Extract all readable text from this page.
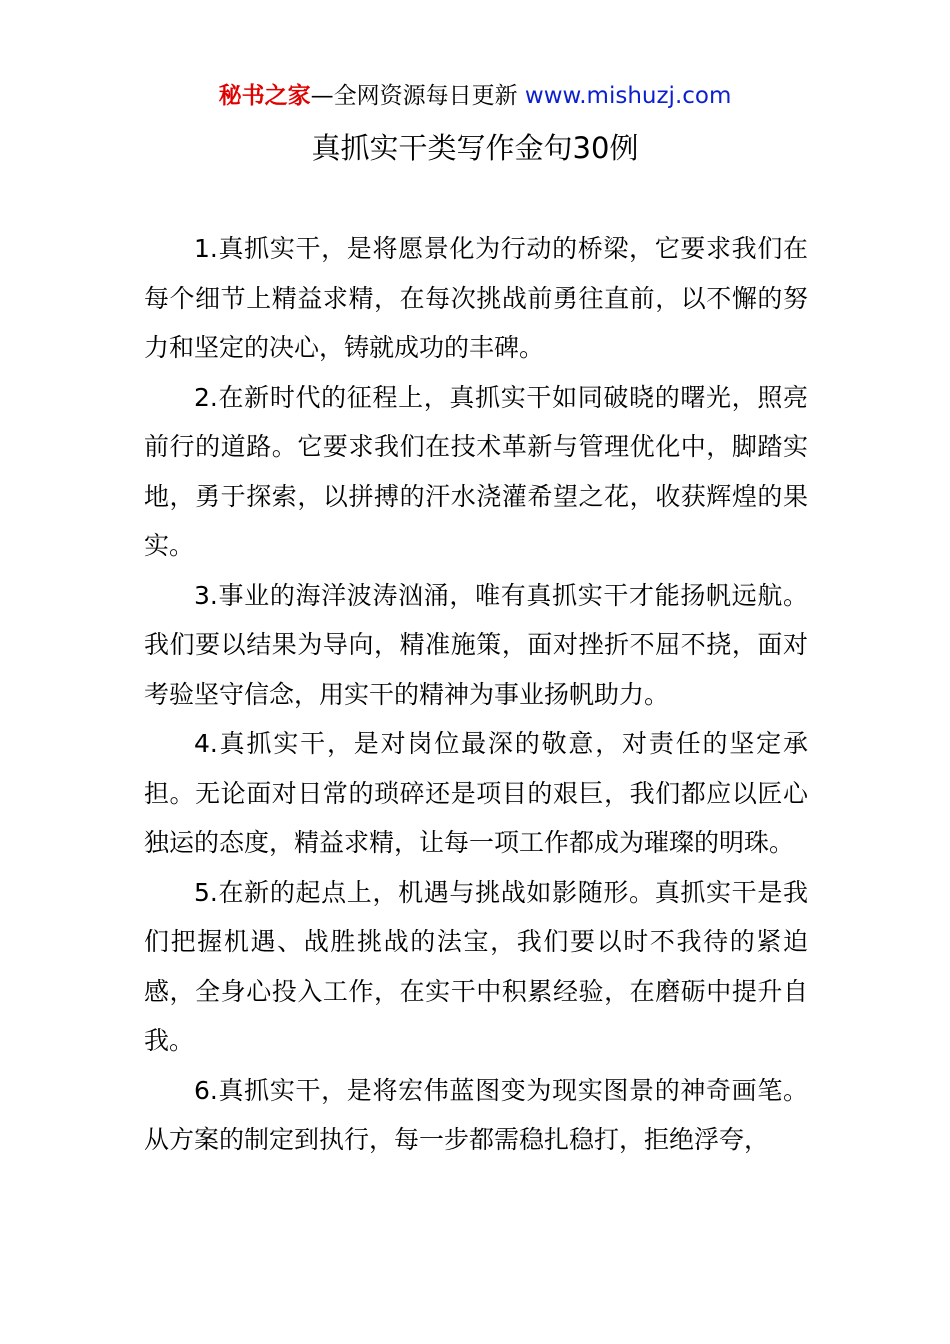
秘书之家—全网资源每日更新 www.mishuzj.com
真抓实干类写作金句30例

1.真抓实干，是将愿景化为行动的桥梁，它要求我们在每个细节上精益求精，在每次挑战前勇往直前，以不懈的努力和坚定的决心，铸就成功的丰碑。

2.在新时代的征程上，真抓实干如同破晓的曙光，照亮前行的道路。它要求我们在技术革新与管理优化中，脚踏实地，勇于探索，以拼搏的汗水浇灌希望之花，收获辉煌的果实。

3.事业的海洋波涛汹涌，唯有真抓实干才能扬帆远航。我们要以结果为导向，精准施策，面对挫折不屈不挠，面对考验坚守信念，用实干的精神为事业扬帆助力。

4.真抓实干，是对岗位最深的敬意，对责任的坚定承担。无论面对日常的琐碎还是项目的艰巨，我们都应以匠心独运的态度，精益求精，让每一项工作都成为璀璨的明珠。

5.在新的起点上，机遇与挑战如影随形。真抓实干是我们把握机遇、战胜挑战的法宝，我们要以时不我待的紧迫感，全身心投入工作，在实干中积累经验，在磨砺中提升自我。

6.真抓实干，是将宏伟蓝图变为现实图景的神奇画笔。从方案的制定到执行，每一步都需稳扎稳打，拒绝浮夸，
